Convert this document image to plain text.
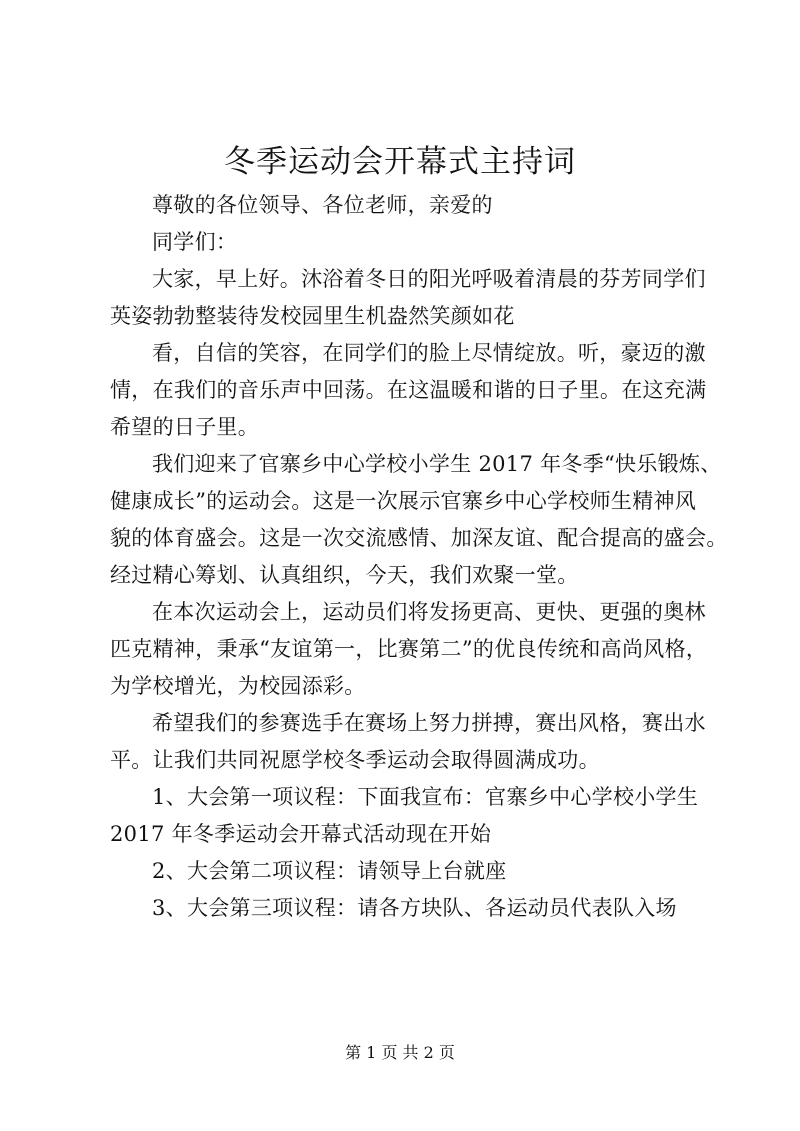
冬季运动会开幕式主持词
尊敬的各位领导、各位老师，亲爱的
同学们：
大家，早上好。沐浴着冬日的阳光呼吸着清晨的芬芳同学们
英姿勃勃整装待发校园里生机盎然笑颜如花
看，自信的笑容，在同学们的脸上尽情绽放。听，豪迈的激
情，在我们的音乐声中回荡。在这温暖和谐的日子里。在这充满
希望的日子里。
我们迎来了官寨乡中心学校小学生 2017 年冬季“快乐锻炼、
健康成长”的运动会。这是一次展示官寨乡中心学校师生精神风
貌的体育盛会。这是一次交流感情、加深友谊、配合提高的盛会。
经过精心筹划、认真组织，今天，我们欢聚一堂。
在本次运动会上，运动员们将发扬更高、更快、更强的奥林
匹克精神，秉承“友谊第一，比赛第二”的优良传统和高尚风格，
为学校增光，为校园添彩。
希望我们的参赛选手在赛场上努力拼搏，赛出风格，赛出水
平。让我们共同祝愿学校冬季运动会取得圆满成功。
1、大会第一项议程：下面我宣布：官寨乡中心学校小学生
2017 年冬季运动会开幕式活动现在开始
2、大会第二项议程：请领导上台就座
3、大会第三项议程：请各方块队、各运动员代表队入场
第 1 页 共 2 页
